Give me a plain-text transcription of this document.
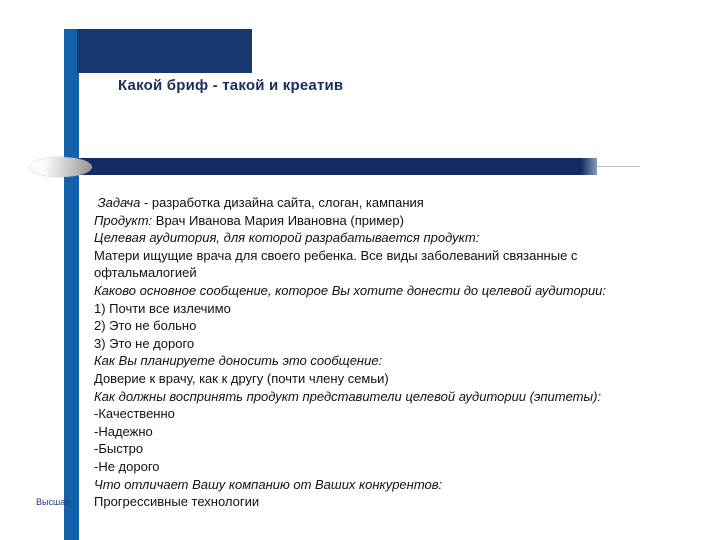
Какой бриф - такой и креатив
Задача - разработка дизайна сайта, слоган, кампания
Продукт: Врач Иванова Мария Ивановна (пример)
Целевая аудитория, для которой разрабатывается продукт:
Матери ищущие врача для своего ребенка. Все виды заболеваний связанные с
офтальмалогией
Каково основное сообщение, которое Вы хотите донести до целевой аудитории:
1) Почти все излечимо
2) Это не больно
3) Это не дорого
Как Вы планируете доносить это сообщение:
Доверие к врачу, как к другу (почти члену семьи)
Как должны воспринять продукт представители целевой аудитории (эпитеты):
-Качественно
-Надежно
-Быстро
-Не дорого
Что отличает Вашу компанию от Ваших конкурентов:
Прогрессивные технологии
Высшая
